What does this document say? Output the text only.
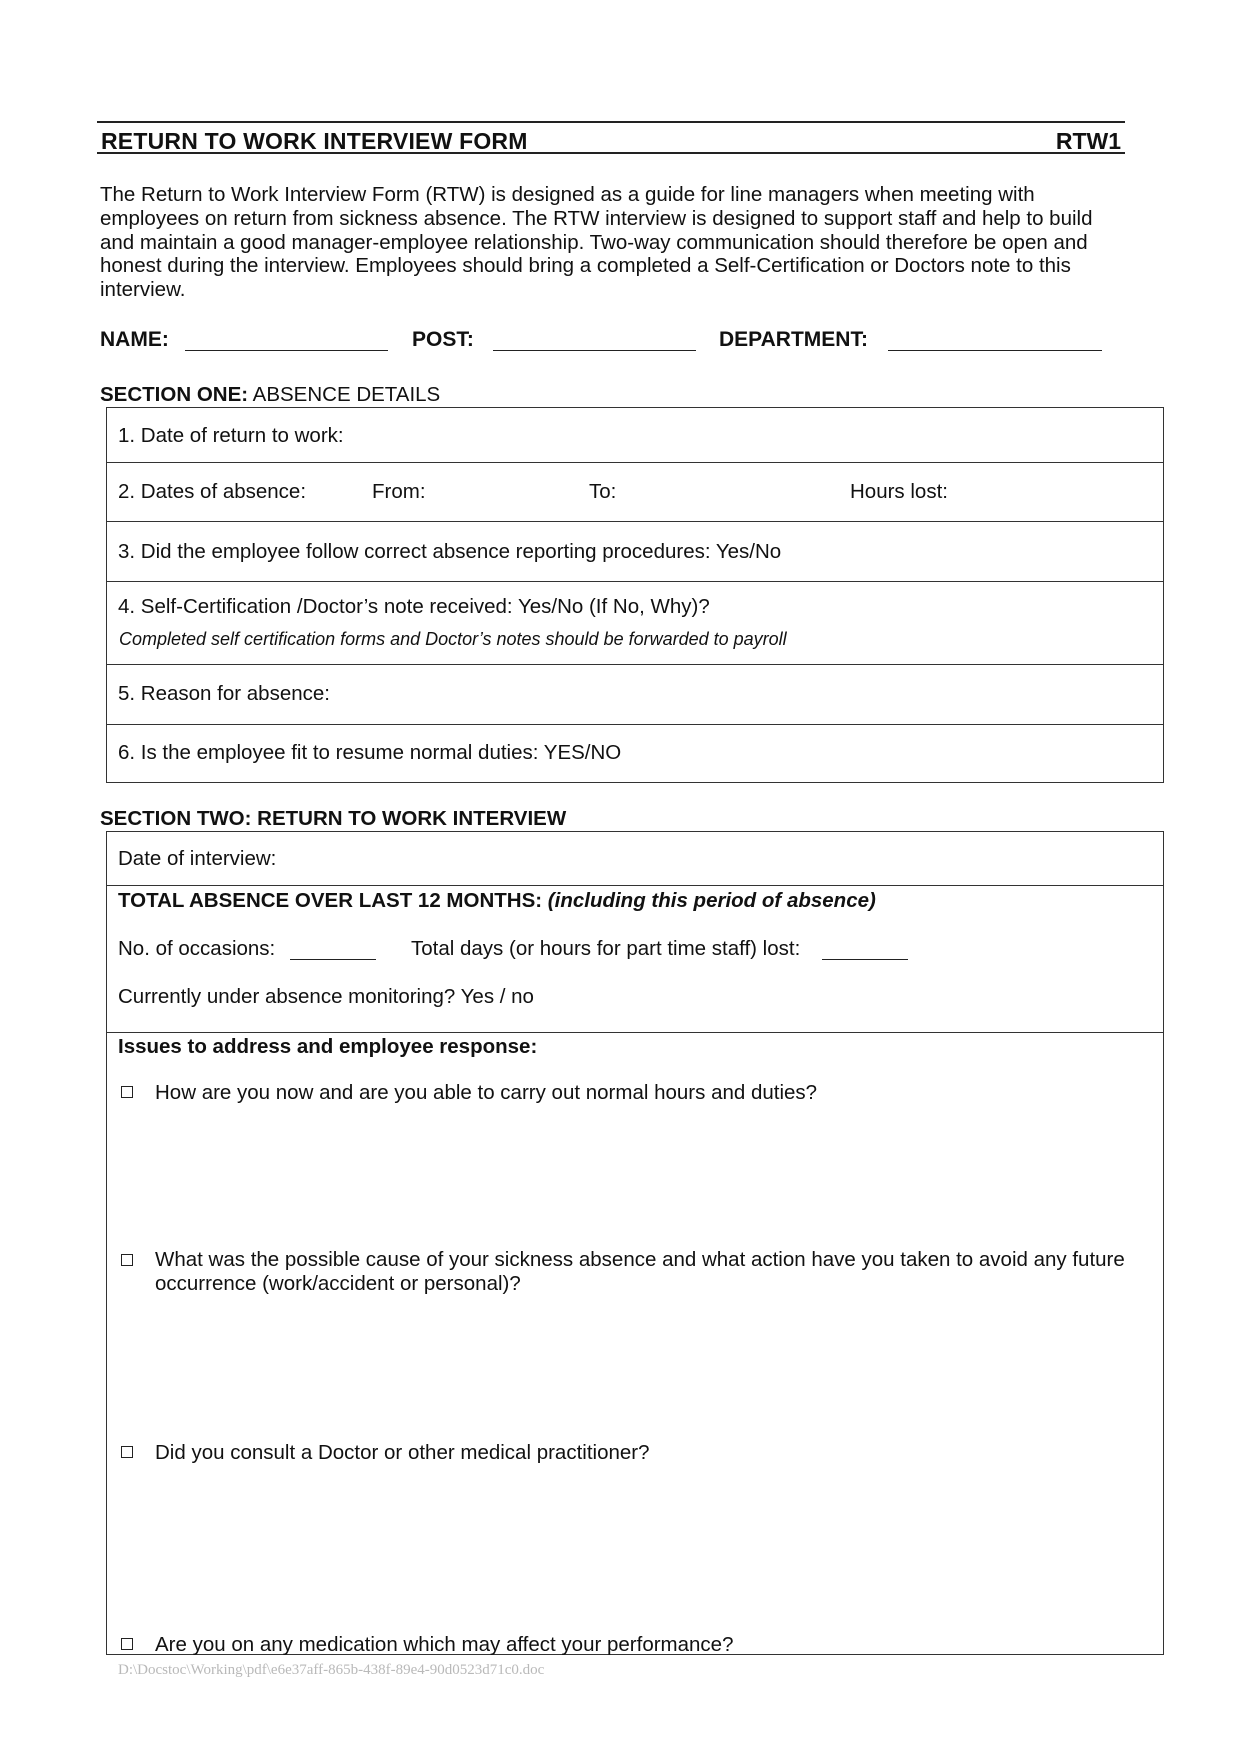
RETURN TO WORK INTERVIEW FORM	RTW1
The Return to Work Interview Form (RTW) is designed as a guide for line managers when meeting with employees on return from sickness absence. The RTW interview is designed to support staff and help to build and maintain a good manager-employee relationship. Two-way communication should therefore be open and honest during the interview. Employees should bring a completed a Self-Certification or Doctors note to this interview.
NAME:	POST:	DEPARTMENT:
SECTION ONE: ABSENCE DETAILS
1. Date of return to work:
2. Dates of absence:	From:	To:	Hours lost:
3. Did the employee follow correct absence reporting procedures: Yes/No
4. Self-Certification /Doctor’s note received: Yes/No (If No, Why)?
Completed self certification forms and Doctor’s notes should be forwarded to payroll
5. Reason for absence:
6. Is the employee fit to resume normal duties: YES/NO
SECTION TWO: RETURN TO WORK INTERVIEW
Date of interview:
TOTAL ABSENCE OVER LAST 12 MONTHS: (including this period of absence)
No. of occasions:	Total days (or hours for part time staff) lost:
Currently under absence monitoring? Yes / no
Issues to address and employee response:
How are you now and are you able to carry out normal hours and duties?
What was the possible cause of your sickness absence and what action have you taken to avoid any future occurrence (work/accident or personal)?
Did you consult a Doctor or other medical practitioner?
Are you on any medication which may affect your performance?
D:\Docstoc\Working\pdf\e6e37aff-865b-438f-89e4-90d0523d71c0.doc
